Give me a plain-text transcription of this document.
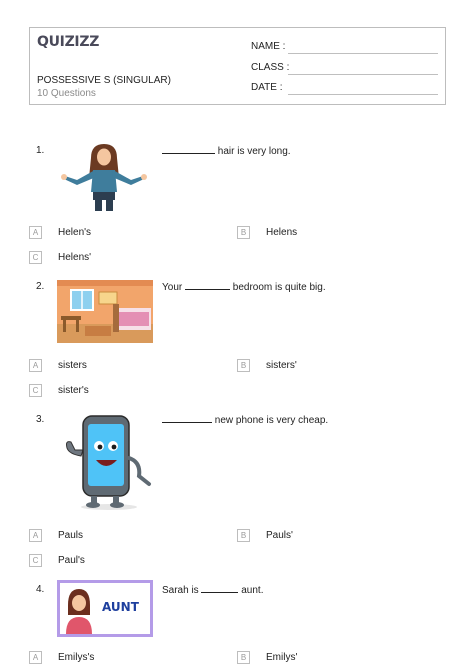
QUIZIZZ
POSSESSIVE S (SINGULAR)
10 Questions
NAME :
CLASS :
DATE :
1.	hair is very long.
A	Helen's	B	Helens
C	Helens'
2.	Your	bedroom is quite big.
A	sisters	B	sisters'
C	sister's
3.	new phone is very cheap.
A	Pauls	B	Pauls'
C	Paul's
4.	Sarah is	aunt.
AUNT
A	Emilys's	B	Emilys'
